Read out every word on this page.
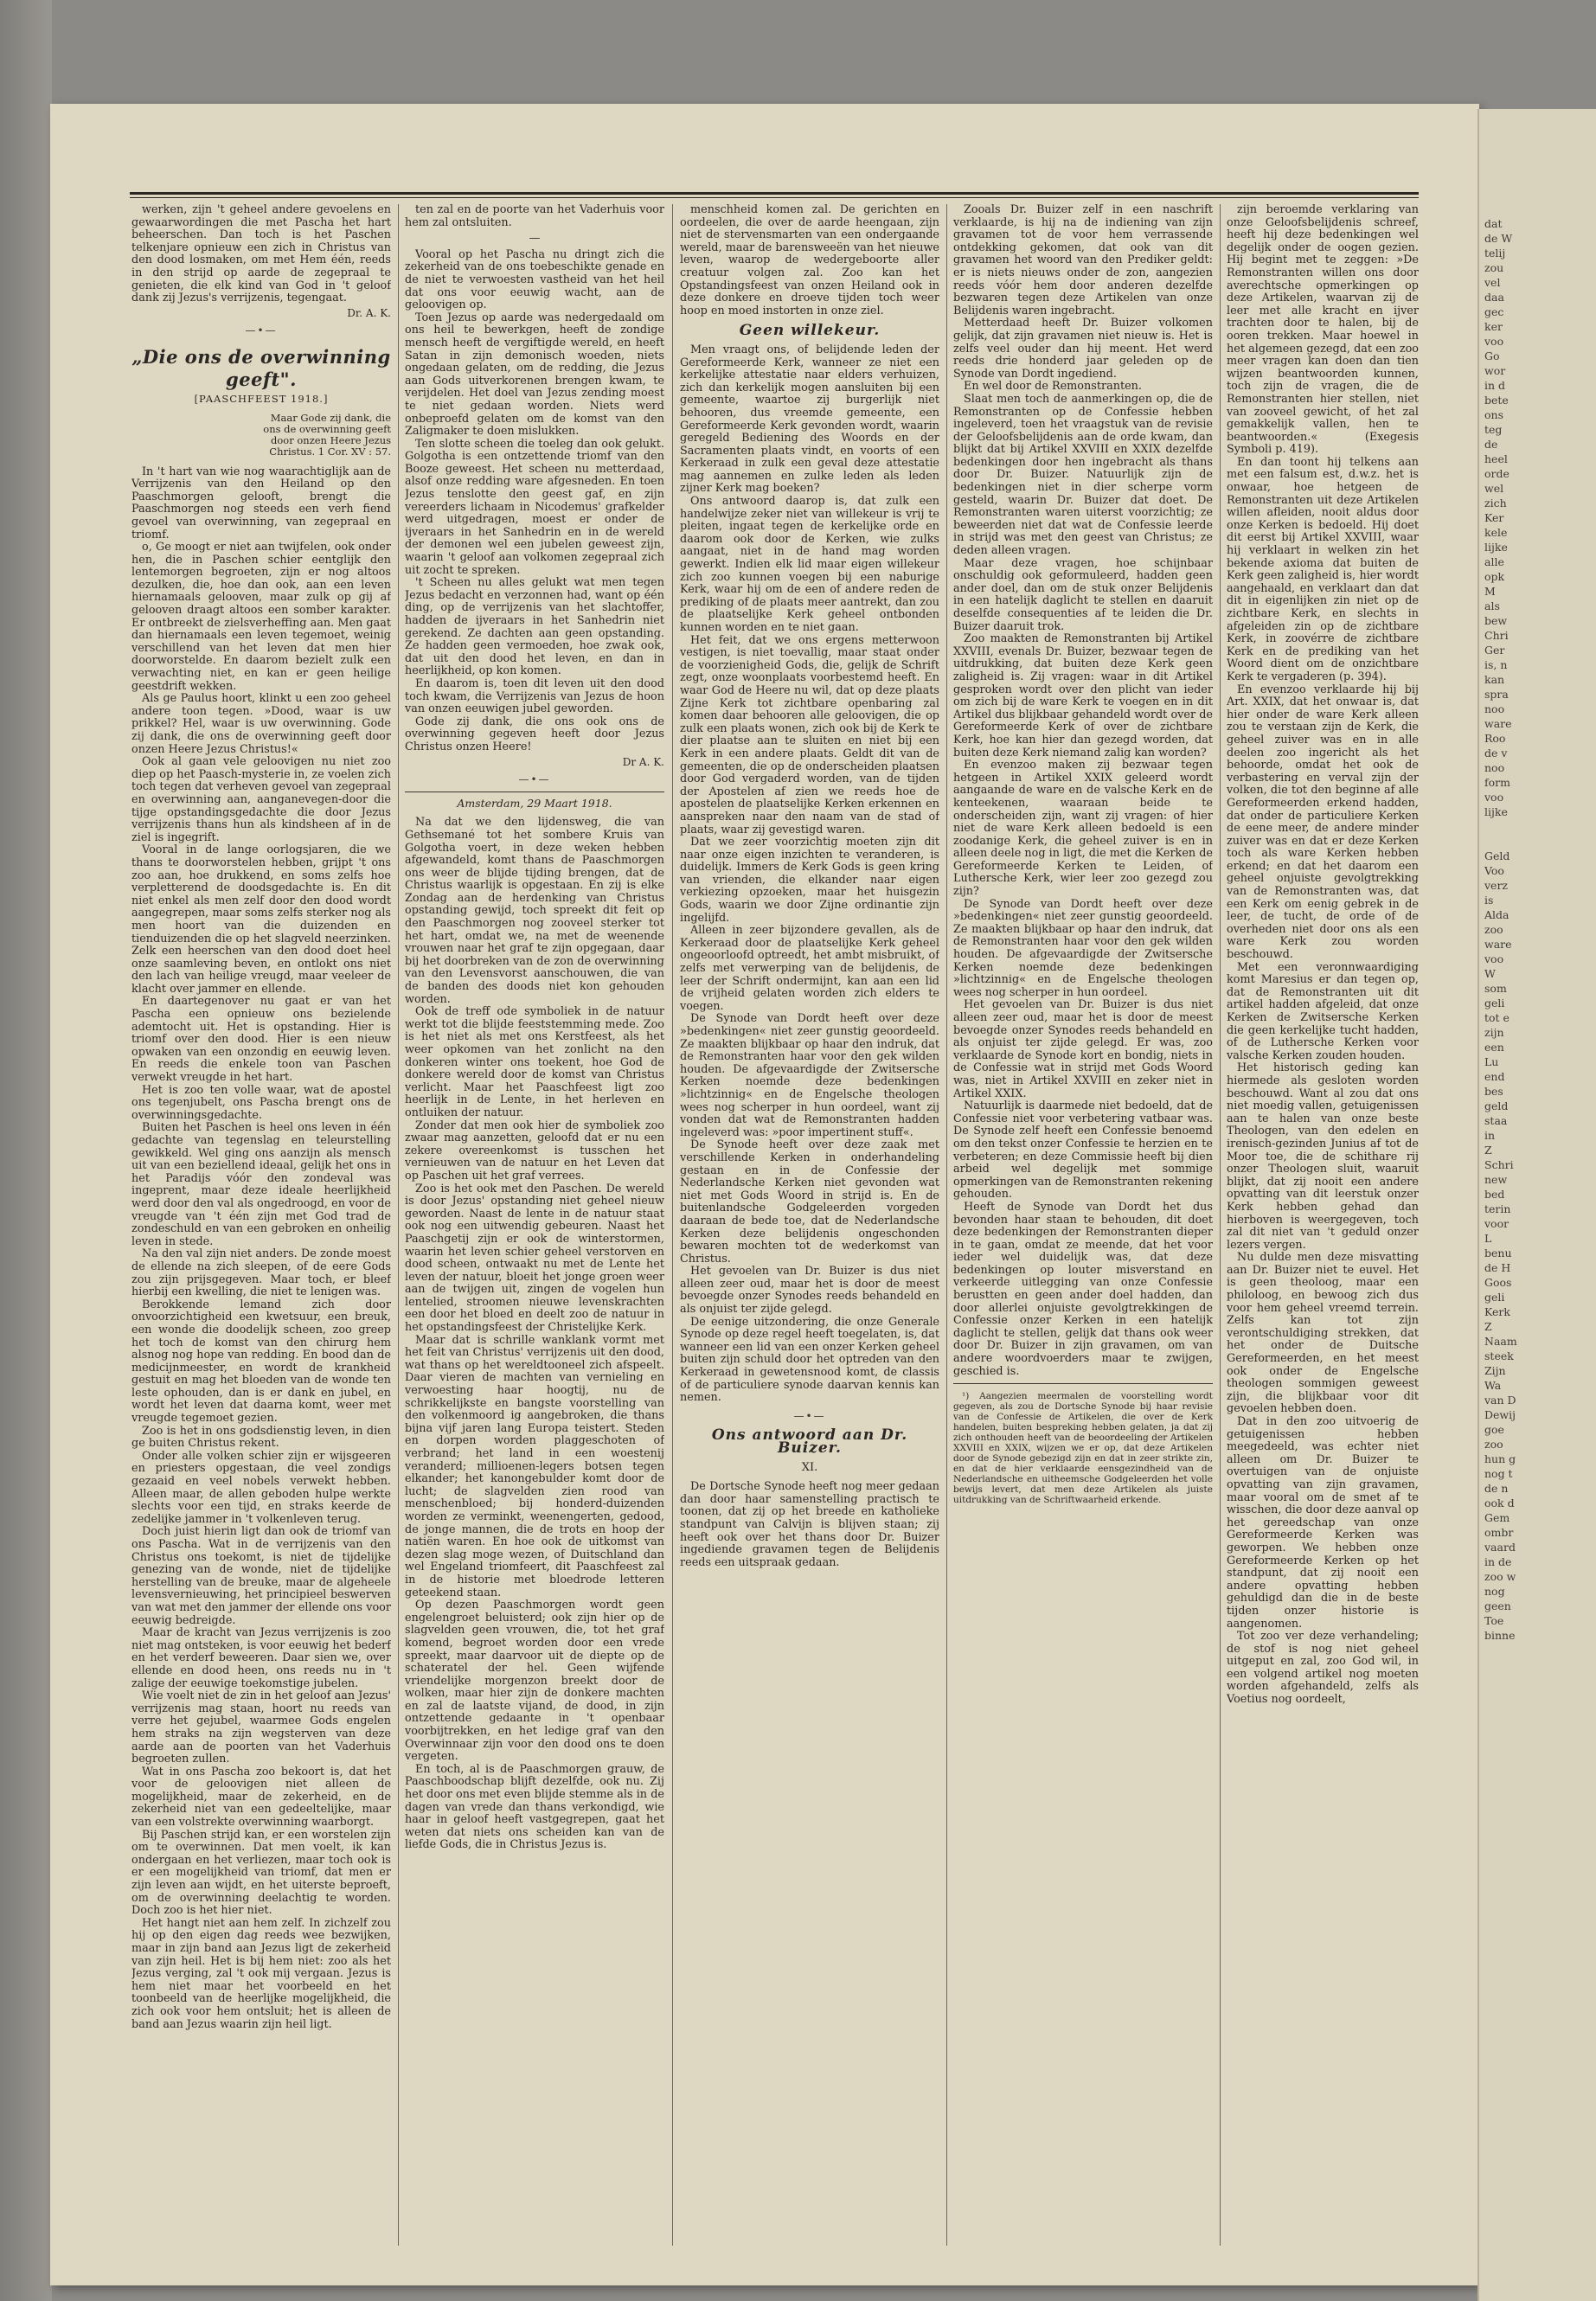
dat
de W
telij
zou
vel
daa
gec
ker
voo
Go
wor
in d
bete
ons
teg
de
heel
orde
wel
zich
Ker
kele
lijke
alle
opk
M
als
bew
Chri
Ger
is, n
kan
spra
noo
ware
Roo
de v
noo
form
voo
lijke

Geld
Voo
verz
is
Alda
zoo
ware
voo
W
som
geli
tot e
zijn
een
Lu
end
bes
geld
staa
in
Z
Schri
new
bed
terin
voor
L
benu
de H
Goos
geli
Kerk
Z
Naam
steek
Zijn
Wa
van D
Dewij
goe
zoo
hun g
nog t
de n
ook d
Gem
ombr
vaard
in de
zoo w
nog
geen
Toe
binne

werken, zijn 't geheel andere gevoelens en gewaarwordingen die met Pascha het hart beheerschen. Dan toch is het Paschen telkenjare opnieuw een zich in Christus van den dood losmaken, om met Hem één, reeds in den strijd op aarde de zegepraal te genieten, die elk kind van God in 't geloof dank zij Jezus's verrijzenis, tegengaat.

Dr. A. K.

—•—

„Die ons de overwinning geeft".

[PAASCHFEEST 1918.]

Maar Gode zij dank, die ons de overwinning geeft door onzen Heere Jezus Christus. 1 Cor. XV : 57.

In 't hart van wie nog waarachtiglijk aan de Verrijzenis van den Heiland op den Paaschmorgen gelooft, brengt die Paaschmorgen nog steeds een verh fiend gevoel van overwinning, van zegepraal en triomf.

o, Ge moogt er niet aan twijfelen, ook onder hen, die in Paschen schier eentglijk den lentemorgen begroeten, zijn er nog altoos dezulken, die, hoe dan ook, aan een leven hiernamaals gelooven, maar zulk op gij af gelooven draagt altoos een somber karakter. Er ontbreekt de zielsverheffing aan. Men gaat dan hiernamaals een leven tegemoet, weinig verschillend van het leven dat men hier doorworstelde. En daarom bezielt zulk een verwachting niet, en kan er geen heilige geestdrift wekken.

Als ge Paulus hoort, klinkt u een zoo geheel andere toon tegen. »Dood, waar is uw prikkel? Hel, waar is uw overwinning. Gode zij dank, die ons de overwinning geeft door onzen Heere Jezus Christus!«

Ook al gaan vele geloovigen nu niet zoo diep op het Paasch-mysterie in, ze voelen zich toch tegen dat verheven gevoel van zegepraal en overwinning aan, aanganevegen-door die tijge opstandingsgedachte die door Jezus verrijzenis thans hun als kindsheen af in de ziel is ingegrift.

Vooral in de lange oorlogsjaren, die we thans te doorworstelen hebben, grijpt 't ons zoo aan, hoe drukkend, en soms zelfs hoe verpletterend de doodsgedachte is. En dit niet enkel als men zelf door den dood wordt aangegrepen, maar soms zelfs sterker nog als men hoort van die duizenden en tienduizenden die op het slagveld neerzinken. Zelk een heerschen van den dood doet heel onze saamleving beven, en ontlokt ons niet den lach van heilige vreugd, maar veeleer de klacht over jammer en ellende.

En daartegenover nu gaat er van het Pascha een opnieuw ons bezielende ademtocht uit. Het is opstanding. Hier is triomf over den dood. Hier is een nieuw opwaken van een onzondig en eeuwig leven. En reeds die enkele toon van Paschen verwekt vreugde in het hart.

Het is zoo ten volle waar, wat de apostel ons tegenjubelt, ons Pascha brengt ons de overwinningsgedachte.

Buiten het Paschen is heel ons leven in één gedachte van tegenslag en teleurstelling gewikkeld. Wel ging ons aanzijn als mensch uit van een beziellend ideaal, gelijk het ons in het Paradijs vóór den zondeval was ingeprent, maar deze ideale heerlijkheid werd door den val als ongedroogd, en voor de vreugde van 't één zijn met God trad de zondeschuld en van een gebroken en onheilig leven in stede.

Na den val zijn niet anders. De zonde moest de ellende na zich sleepen, of de eere Gods zou zijn prijsgegeven. Maar toch, er bleef hierbij een kwelling, die niet te lenigen was.

Berokkende lemand zich door onvoorzichtigheid een kwetsuur, een breuk, een wonde die doodelijk scheen, zoo greep het toch de komst van den chirurg hem alsnog nog hope van redding. En bood dan de medicijnmeester, en wordt de krankheid gestuit en mag het bloeden van de wonde ten leste ophouden, dan is er dank en jubel, en wordt het leven dat daarna komt, weer met vreugde tegemoet gezien.

Zoo is het in ons godsdienstig leven, in dien ge buiten Christus rekent.

Onder alle volken schier zijn er wijsgeeren en priesters opgestaan, die veel zondigs gezaaid en veel nobels verwekt hebben. Alleen maar, de allen geboden hulpe werkte slechts voor een tijd, en straks keerde de zedelijke jammer in 't volkenleven terug.

Doch juist hierin ligt dan ook de triomf van ons Pascha. Wat in de verrijzenis van den Christus ons toekomt, is niet de tijdelijke genezing van de wonde, niet de tijdelijke herstelling van de breuke, maar de algeheele levensvernieuwing, het principieel beswerven van wat met den jammer der ellende ons voor eeuwig bedreigde.

Maar de kracht van Jezus verrijzenis is zoo niet mag ontsteken, is voor eeuwig het bederf en het verderf beweeren. Daar sien we, over ellende en dood heen, ons reeds nu in 't zalige der eeuwige toekomstige jubelen.

Wie voelt niet de zin in het geloof aan Jezus' verrijzenis mag staan, hoort nu reeds van verre het gejubel, waarmee Gods engelen hem straks na zijn wegsterven van deze aarde aan de poorten van het Vaderhuis begroeten zullen.

Wat in ons Pascha zoo bekoort is, dat het voor de geloovigen niet alleen de mogelijkheid, maar de zekerheid, en de zekerheid niet van een gedeeltelijke, maar van een volstrekte overwinning waarborgt.

Bij Paschen strijd kan, er een worstelen zijn om te overwinnen. Dat men voelt, ik kan ondergaan en het verliezen, maar toch ook is er een mogelijkheid van triomf, dat men er zijn leven aan wijdt, en het uiterste beproeft, om de overwinning deelachtig te worden. Doch zoo is het hier niet.

Het hangt niet aan hem zelf. In zichzelf zou hij op den eigen dag reeds wee bezwijken, maar in zijn band aan Jezus ligt de zekerheid van zijn heil. Het is bij hem niet: zoo als het Jezus verging, zal 't ook mij vergaan. Jezus is hem niet maar het voorbeeld en het toonbeeld van de heerlijke mogelijkheid, die zich ook voor hem ontsluit; het is alleen de band aan Jezus waarin zijn heil ligt.

ten zal en de poorte van het Vaderhuis voor hem zal ontsluiten.

—

Vooral op het Pascha nu dringt zich die zekerheid van de ons toebeschikte genade en de niet te verwoesten vastheid van het heil dat ons voor eeuwig wacht, aan de geloovigen op.

Toen Jezus op aarde was nedergedaald om ons heil te bewerkgen, heeft de zondige mensch heeft de vergiftigde wereld, en heeft Satan in zijn demonisch woeden, niets ongedaan gelaten, om de redding, die Jezus aan Gods uitverkorenen brengen kwam, te verijdelen. Het doel van Jezus zending moest te niet gedaan worden. Niets werd onbeproefd gelaten om de komst van den Zaligmaker te doen mislukken.

Ten slotte scheen die toeleg dan ook gelukt. Golgotha is een ontzettende triomf van den Booze geweest. Het scheen nu metterdaad, alsof onze redding ware afgesneden. En toen Jezus tenslotte den geest gaf, en zijn vereerders lichaam in Nicodemus' grafkelder werd uitgedragen, moest er onder de ijveraars in het Sanhedrin en in de wereld der demonen wel een jubelen geweest zijn, waarin 't geloof aan volkomen zegepraal zich uit zocht te spreken.

't Scheen nu alles gelukt wat men tegen Jezus bedacht en verzonnen had, want op één ding, op de verrijzenis van het slachtoffer, hadden de ijveraars in het Sanhedrin niet gerekend. Ze dachten aan geen opstanding. Ze hadden geen vermoeden, hoe zwak ook, dat uit den dood het leven, en dan in heerlijkheid, op kon komen.

En daarom is, toen dit leven uit den dood toch kwam, die Verrijzenis van Jezus de hoon van onzen eeuwigen jubel geworden.

Gode zij dank, die ons ook ons de overwinning gegeven heeft door Jezus Christus onzen Heere!

Dr A. K.

—•—

Amsterdam, 29 Maart 1918.

Na dat we den lijdensweg, die van Gethsemané tot het sombere Kruis van Golgotha voert, in deze weken hebben afgewandeld, komt thans de Paaschmorgen ons weer de blijde tijding brengen, dat de Christus waarlijk is opgestaan. En zij is elke Zondag aan de herdenking van Christus opstanding gewijd, toch spreekt dit feit op den Paaschmorgen nog zooveel sterker tot het hart, omdat we, na met de weenende vrouwen naar het graf te zijn opgegaan, daar bij het doorbreken van de zon de overwinning van den Levensvorst aanschouwen, die van de banden des doods niet kon gehouden worden.

Ook de treff ode symboliek in de natuur werkt tot die blijde feeststemming mede. Zoo is het niet als met ons Kerstfeest, als het weer opkomen van het zonlicht na den donkeren winter ons toekent, hoe God de donkere wereld door de komst van Christus verlicht. Maar het Paaschfeest ligt zoo heerlijk in de Lente, in het herleven en ontluiken der natuur.

Zonder dat men ook hier de symboliek zoo zwaar mag aanzetten, geloofd dat er nu een zekere overeenkomst is tusschen het vernieuwen van de natuur en het Leven dat op Paschen uit het graf verrees.

Zoo is het ook met den Paschen. De wereld is door Jezus' opstanding niet geheel nieuw geworden. Naast de lente in de natuur staat ook nog een uitwendig gebeuren. Naast het Paaschgetij zijn er ook de winterstormen, waarin het leven schier geheel verstorven en dood scheen, ontwaakt nu met de Lente het leven der natuur, bloeit het jonge groen weer aan de twijgen uit, zingen de vogelen hun lentelied, stroomen nieuwe levenskrachten een door het bloed en deelt zoo de natuur in het opstandingsfeest der Christelijke Kerk.

Maar dat is schrille wanklank vormt met het feit van Christus' verrijzenis uit den dood, wat thans op het wereldtooneel zich afspeelt. Daar vieren de machten van vernieling en verwoesting haar hoogtij, nu de schrikkelijkste en bangste voorstelling van den volkenmoord ig aangebroken, die thans bijna vijf jaren lang Europa teistert. Steden en dorpen worden plaggeschoten of verbrand; het land in een woestenij veranderd; millioenen-legers botsen tegen elkander; het kanongebulder komt door de lucht; de slagvelden zien rood van menschenbloed; bij honderd-duizenden worden ze verminkt, weenengerten, gedood, de jonge mannen, die de trots en hoop der natiën waren. En hoe ook de uitkomst van dezen slag moge wezen, of Duitschland dan wel Engeland triomfeert, dit Paaschfeest zal in de historie met bloedrode letteren geteekend staan.

Op dezen Paaschmorgen wordt geen engelengroet beluisterd; ook zijn hier op de slagvelden geen vrouwen, die, tot het graf komend, begroet worden door een vrede spreekt, maar daarvoor uit de diepte op de schateratel der hel. Geen wijfende vriendelijke morgenzon breekt door de wolken, maar hier zijn de donkere machten en zal de laatste vijand, de dood, in zijn ontzettende gedaante in 't openbaar voorbijtrekken, en het ledige graf van den Overwinnaar zijn voor den dood ons te doen vergeten.

En toch, al is de Paaschmorgen grauw, de Paaschboodschap blijft dezelfde, ook nu. Zij het door ons met even blijde stemme als in de dagen van vrede dan thans verkondigd, wie haar in geloof heeft vastgegrepen, gaat het weten dat niets ons scheiden kan van de liefde Gods, die in Christus Jezus is.

menschheid komen zal. De gerichten en oordeelen, die over de aarde heengaan, zijn niet de stervensmarten van een ondergaande wereld, maar de barensweeën van het nieuwe leven, waarop de wedergeboorte aller creatuur volgen zal. Zoo kan het Opstandingsfeest van onzen Heiland ook in deze donkere en droeve tijden toch weer hoop en moed instorten in onze ziel.

Geen willekeur.

Men vraagt ons, of belijdende leden der Gereformeerde Kerk, wanneer ze niet een kerkelijke attestatie naar elders verhuizen, zich dan kerkelijk mogen aansluiten bij een gemeente, waartoe zij burgerlijk niet behooren, dus vreemde gemeente, een Gereformeerde Kerk gevonden wordt, waarin geregeld Bediening des Woords en der Sacramenten plaats vindt, en voorts of een Kerkeraad in zulk een geval deze attestatie mag aannemen en zulke leden als leden zijner Kerk mag boeken?

Ons antwoord daarop is, dat zulk een handelwijze zeker niet van willekeur is vrij te pleiten, ingaat tegen de kerkelijke orde en daarom ook door de Kerken, wie zulks aangaat, niet in de hand mag worden gewerkt. Indien elk lid maar eigen willekeur zich zoo kunnen voegen bij een naburige Kerk, waar hij om de een of andere reden de prediking of de plaats meer aantrekt, dan zou de plaatselijke Kerk geheel ontbonden kunnen worden en te niet gaan.

Het feit, dat we ons ergens metterwoon vestigen, is niet toevallig, maar staat onder de voorzienigheid Gods, die, gelijk de Schrift zegt, onze woonplaats voorbestemd heeft. En waar God de Heere nu wil, dat op deze plaats Zijne Kerk tot zichtbare openbaring zal komen daar behooren alle geloovigen, die op zulk een plaats wonen, zich ook bij de Kerk te dier plaatse aan te sluiten en niet bij een Kerk in een andere plaats. Geldt dit van de gemeenten, die op de onderscheiden plaatsen door God vergaderd worden, van de tijden der Apostelen af zien we reeds hoe de apostelen de plaatselijke Kerken erkennen en aanspreken naar den naam van de stad of plaats, waar zij gevestigd waren.

Dat we zeer voorzichtig moeten zijn dit naar onze eigen inzichten te veranderen, is duidelijk. Immers de Kerk Gods is geen kring van vrienden, die elkander naar eigen verkiezing opzoeken, maar het huisgezin Gods, waarin we door Zijne ordinantie zijn ingelijfd.

Alleen in zeer bijzondere gevallen, als de Kerkeraad door de plaatselijke Kerk geheel ongeoorloofd optreedt, het ambt misbruikt, of zelfs met verwerping van de belijdenis, de leer der Schrift ondermijnt, kan aan een lid de vrijheid gelaten worden zich elders te voegen.

De Synode van Dordt heeft over deze »bedenkingen« niet zeer gunstig geoordeeld. Ze maakten blijkbaar op haar den indruk, dat de Remonstranten haar voor den gek wilden houden. De afgevaardigde der Zwitsersche Kerken noemde deze bedenkingen »lichtzinnig« en de Engelsche theologen wees nog scherper in hun oordeel, want zij vonden dat wat de Remonstranten hadden ingeleverd was: »poor impertinent stuff«.

De Synode heeft over deze zaak met verschillende Kerken in onderhandeling gestaan en in de Confessie der Nederlandsche Kerken niet gevonden wat niet met Gods Woord in strijd is. En de buitenlandsche Godgeleerden vorgeden daaraan de bede toe, dat de Nederlandsche Kerken deze belijdenis ongeschonden bewaren mochten tot de wederkomst van Christus.

Het gevoelen van Dr. Buizer is dus niet alleen zeer oud, maar het is door de meest bevoegde onzer Synodes reeds behandeld en als onjuist ter zijde gelegd.

De eenige uitzondering, die onze Generale Synode op deze regel heeft toegelaten, is, dat wanneer een lid van een onzer Kerken geheel buiten zijn schuld door het optreden van den Kerkeraad in gewetensnood komt, de classis of de particuliere synode daarvan kennis kan nemen.

—•—

Ons antwoord aan Dr. Buizer.

XI.

De Dortsche Synode heeft nog meer gedaan dan door haar samenstelling practisch te toonen, dat zij op het breede en katholieke standpunt van Calvijn is blijven staan; zij heeft ook over het thans door Dr. Buizer ingediende gravamen tegen de Belijdenis reeds een uitspraak gedaan.

Zooals Dr. Buizer zelf in een naschrift verklaarde, is hij na de indiening van zijn gravamen tot de voor hem verrassende ontdekking gekomen, dat ook van dit gravamen het woord van den Prediker geldt: er is niets nieuws onder de zon, aangezien reeds vóór hem door anderen dezelfde bezwaren tegen deze Artikelen van onze Belijdenis waren ingebracht.

Metterdaad heeft Dr. Buizer volkomen gelijk, dat zijn gravamen niet nieuw is. Het is zelfs veel ouder dan hij meent. Het werd reeds drie honderd jaar geleden op de Synode van Dordt ingediend.

En wel door de Remonstranten.

Slaat men toch de aanmerkingen op, die de Remonstranten op de Confessie hebben ingeleverd, toen het vraagstuk van de revisie der Geloofsbelijdenis aan de orde kwam, dan blijkt dat bij Artikel XXVIII en XXIX dezelfde bedenkingen door hen ingebracht als thans door Dr. Buizer. Natuurlijk zijn de bedenkingen niet in dier scherpe vorm gesteld, waarin Dr. Buizer dat doet. De Remonstranten waren uiterst voorzichtig; ze beweerden niet dat wat de Confessie leerde in strijd was met den geest van Christus; ze deden alleen vragen.

Maar deze vragen, hoe schijnbaar onschuldig ook geformuleerd, hadden geen ander doel, dan om de stuk onzer Belijdenis in een hatelijk daglicht te stellen en daaruit deselfde consequenties af te leiden die Dr. Buizer daaruit trok.

Zoo maakten de Remonstranten bij Artikel XXVIII, evenals Dr. Buizer, bezwaar tegen de uitdrukking, dat buiten deze Kerk geen zaligheid is. Zij vragen: waar in dit Artikel gesproken wordt over den plicht van ieder om zich bij de ware Kerk te voegen en in dit Artikel dus blijkbaar gehandeld wordt over de Gereformeerde Kerk of over de zichtbare Kerk, hoe kan hier dan gezegd worden, dat buiten deze Kerk niemand zalig kan worden?

En evenzoo maken zij bezwaar tegen hetgeen in Artikel XXIX geleerd wordt aangaande de ware en de valsche Kerk en de kenteekenen, waaraan beide te onderscheiden zijn, want zij vragen: of hier niet de ware Kerk alleen bedoeld is een zoodanige Kerk, die geheel zuiver is en in alleen deele nog in ligt, die met die Kerken de Gereformeerde Kerken te Leiden, of Luthersche Kerk, wier leer zoo gezegd zou zijn?

De Synode van Dordt heeft over deze »bedenkingen« niet zeer gunstig geoordeeld. Ze maakten blijkbaar op haar den indruk, dat de Remonstranten haar voor den gek wilden houden. De afgevaardigde der Zwitsersche Kerken noemde deze bedenkingen »lichtzinnig« en de Engelsche theologen wees nog scherper in hun oordeel.

Het gevoelen van Dr. Buizer is dus niet alleen zeer oud, maar het is door de meest bevoegde onzer Synodes reeds behandeld en als onjuist ter zijde gelegd. Er was, zoo verklaarde de Synode kort en bondig, niets in de Confessie wat in strijd met Gods Woord was, niet in Artikel XXVIII en zeker niet in Artikel XXIX.

Natuurlijk is daarmede niet bedoeld, dat de Confessie niet voor verbetering vatbaar was. De Synode zelf heeft een Confessie benoemd om den tekst onzer Confessie te herzien en te verbeteren; en deze Commissie heeft bij dien arbeid wel degelijk met sommige opmerkingen van de Remonstranten rekening gehouden.

Heeft de Synode van Dordt het dus bevonden haar staan te behouden, dit doet deze bedenkingen der Remonstranten dieper in te gaan, omdat ze meende, dat het voor ieder wel duidelijk was, dat deze bedenkingen op louter misverstand en verkeerde uitlegging van onze Confessie berustten en geen ander doel hadden, dan door allerlei onjuiste gevolgtrekkingen de Confessie onzer Kerken in een hatelijk daglicht te stellen, gelijk dat thans ook weer door Dr. Buizer in zijn gravamen, om van andere woordvoerders maar te zwijgen, geschied is.

¹) Aangezien meermalen de voorstelling wordt gegeven, als zou de Dortsche Synode bij haar revisie van de Confessie de Artikelen, die over de Kerk handelen, buiten bespreking hebben gelaten, ja dat zij zich onthouden heeft van de beoordeeling der Artikelen XXVIII en XXIX, wijzen we er op, dat deze Artikelen door de Synode gebezigd zijn en dat in zeer strikte zin, en dat de hier verklaarde eensgezindheid van de Nederlandsche en uitheemsche Godgeleerden het volle bewijs levert, dat men deze Artikelen als juiste uitdrukking van de Schriftwaarheid erkende.

zijn beroemde verklaring van onze Geloofsbelijdenis schreef, heeft hij deze bedenkingen wel degelijk onder de oogen gezien. Hij begint met te zeggen: »De Remonstranten willen ons door averechtsche opmerkingen op deze Artikelen, waarvan zij de leer met alle kracht en ijver trachten door te halen, bij de ooren trekken. Maar hoewel in het algemeen gezegd, dat een zoo meer vragen kan doen dan tien wijzen beantwoorden kunnen, toch zijn de vragen, die de Remonstranten hier stellen, niet van zooveel gewicht, of het zal gemakkelijk vallen, hen te beantwoorden.« (Exegesis Symboli p. 419).

En dan toont hij telkens aan met een falsum est, d.w.z. het is onwaar, hoe hetgeen de Remonstranten uit deze Artikelen willen afleiden, nooit aldus door onze Kerken is bedoeld. Hij doet dit eerst bij Artikel XXVIII, waar hij verklaart in welken zin het bekende axioma dat buiten de Kerk geen zaligheid is, hier wordt aangehaald, en verklaart dan dat dit in eigenlijken zin niet op de zichtbare Kerk, en slechts in afgeleiden zin op de zichtbare Kerk, in zoovérre de zichtbare Kerk en de prediking van het Woord dient om de onzichtbare Kerk te vergaderen (p. 394).

En evenzoo verklaarde hij bij Art. XXIX, dat het onwaar is, dat hier onder de ware Kerk alleen zou te verstaan zijn de Kerk, die geheel zuiver was en in alle deelen zoo ingericht als het behoorde, omdat het ook de verbastering en verval zijn der volken, die tot den beginne af alle Gereformeerden erkend hadden, dat onder de particuliere Kerken de eene meer, de andere minder zuiver was en dat er deze Kerken toch als ware Kerken hebben erkend; en dat het daarom een geheel onjuiste gevolgtrekking van de Remonstranten was, dat een Kerk om eenig gebrek in de leer, de tucht, de orde of de overheden niet door ons als een ware Kerk zou worden beschouwd.

Met een veronnwaardiging komt Maresius er dan tegen op, dat de Remonstranten uit dit artikel hadden afgeleid, dat onze Kerken de Zwitsersche Kerken die geen kerkelijke tucht hadden, of de Luthersche Kerken voor valsche Kerken zouden houden.

Het historisch geding kan hiermede als gesloten worden beschouwd. Want al zou dat ons niet moedig vallen, getuigenissen aan te halen van onze beste Theologen, van den edelen en irenisch-gezinden Junius af tot de Moor toe, die de schithare rij onzer Theologen sluit, waaruit blijkt, dat zij nooit een andere opvatting van dit leerstuk onzer Kerk hebben gehad dan hierboven is weergegeven, toch zal dit niet van 't geduld onzer lezers vergen.

Nu dulde men deze misvatting aan Dr. Buizer niet te euvel. Het is geen theoloog, maar een philoloog, en bewoog zich dus voor hem geheel vreemd terrein. Zelfs kan tot zijn verontschuldiging strekken, dat het onder de Duitsche Gereformeerden, en het meest ook onder de Engelsche theologen sommigen geweest zijn, die blijkbaar voor dit gevoelen hebben doen.

Dat in den zoo uitvoerig de getuigenissen hebben meegedeeld, was echter niet alleen om Dr. Buizer te overtuigen van de onjuiste opvatting van zijn gravamen, maar vooral om de smet af te wisschen, die door deze aanval op het gereedschap van onze Gereformeerde Kerken was geworpen. We hebben onze Gereformeerde Kerken op het standpunt, dat zij nooit een andere opvatting hebben gehuldigd dan die in de beste tijden onzer historie is aangenomen.

Tot zoo ver deze verhandeling; de stof is nog niet geheel uitgeput en zal, zoo God wil, in een volgend artikel nog moeten worden afgehandeld, zelfs als Voetius nog oordeelt,
